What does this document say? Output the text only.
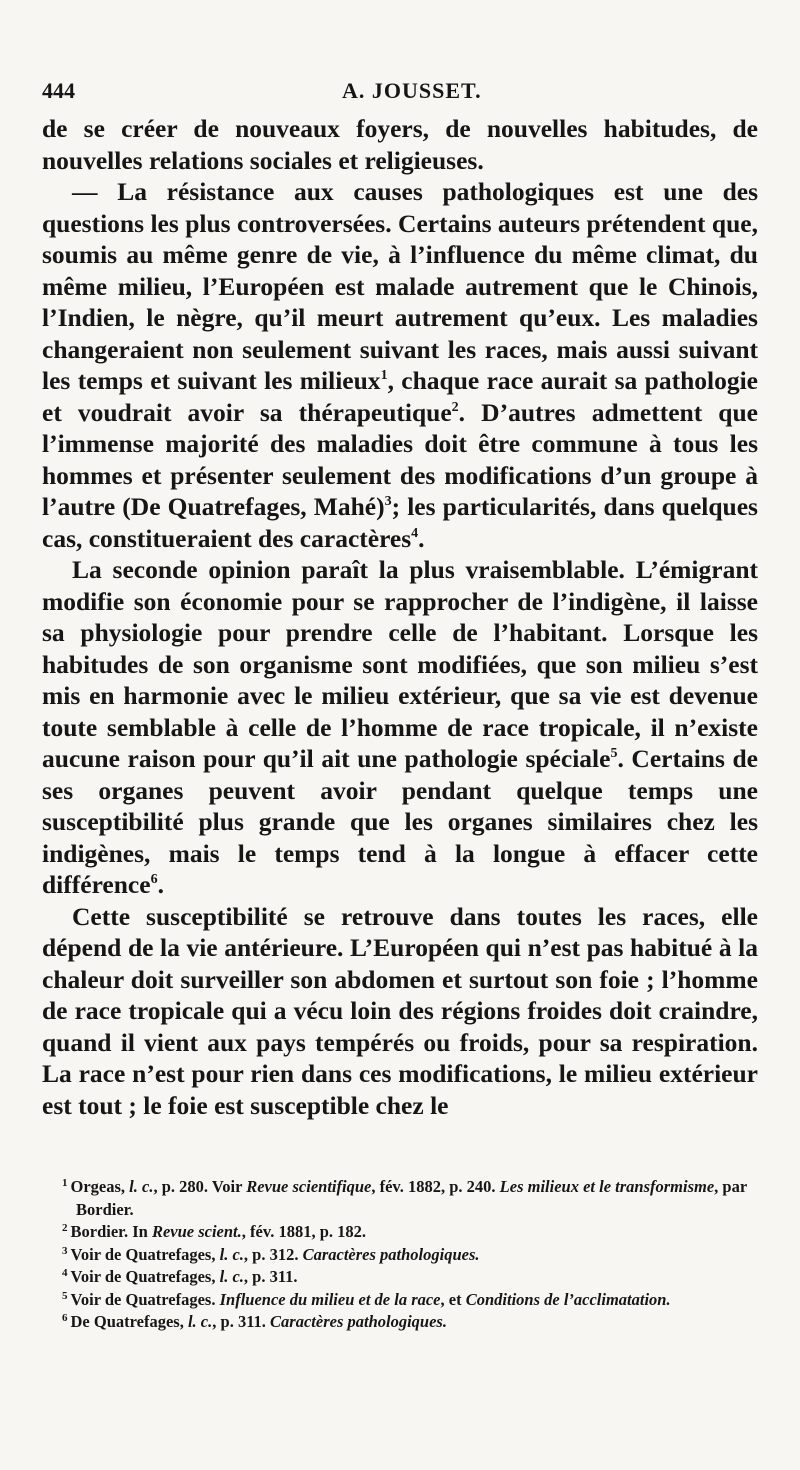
444	A. JOUSSET.

de se créer de nouveaux foyers, de nouvelles habitudes, de nouvelles relations sociales et religieuses.

— La résistance aux causes pathologiques est une des questions les plus controversées. Certains auteurs prétendent que, soumis au même genre de vie, à l’influence du même climat, du même milieu, l’Européen est malade autrement que le Chinois, l’Indien, le nègre, qu’il meurt autrement qu’eux. Les maladies changeraient non seulement suivant les races, mais aussi suivant les temps et suivant les milieux$^1$, chaque race aurait sa pathologie et voudrait avoir sa thérapeutique$^2$. D’autres admettent que l’immense majorité des maladies doit être commune à tous les hommes et présenter seulement des modifications d’un groupe à l’autre (De Quatrefages, Mahé)$^3$; les particularités, dans quelques cas, constitueraient des caractères$^4$.

La seconde opinion paraît la plus vraisemblable. L’émigrant modifie son économie pour se rapprocher de l’indigène, il laisse sa physiologie pour prendre celle de l’habitant. Lorsque les habitudes de son organisme sont modifiées, que son milieu s’est mis en harmonie avec le milieu extérieur, que sa vie est devenue toute semblable à celle de l’homme de race tropicale, il n’existe aucune raison pour qu’il ait une pathologie spéciale$^5$. Certains de ses organes peuvent avoir pendant quelque temps une susceptibilité plus grande que les organes similaires chez les indigènes, mais le temps tend à la longue à effacer cette différence$^6$.

Cette susceptibilité se retrouve dans toutes les races, elle dépend de la vie antérieure. L’Européen qui n’est pas habitué à la chaleur doit surveiller son abdomen et surtout son foie ; l’homme de race tropicale qui a vécu loin des régions froides doit craindre, quand il vient aux pays tempérés ou froids, pour sa respiration. La race n’est pour rien dans ces modifications, le milieu extérieur est tout ; le foie est susceptible chez le

$^1$ Orgeas, l. c., p. 280. Voir Revue scientifique, fév. 1882, p. 240. Les milieux et le transformisme, par Bordier.

$^2$ Bordier. In Revue scient., fév. 1881, p. 182.

$^3$ Voir de Quatrefages, l. c., p. 312. Caractères pathologiques.

$^4$ Voir de Quatrefages, l. c., p. 311.

$^5$ Voir de Quatrefages. Influence du milieu et de la race, et Conditions de l’acclimatation.

$^6$ De Quatrefages, l. c., p. 311. Caractères pathologiques.
